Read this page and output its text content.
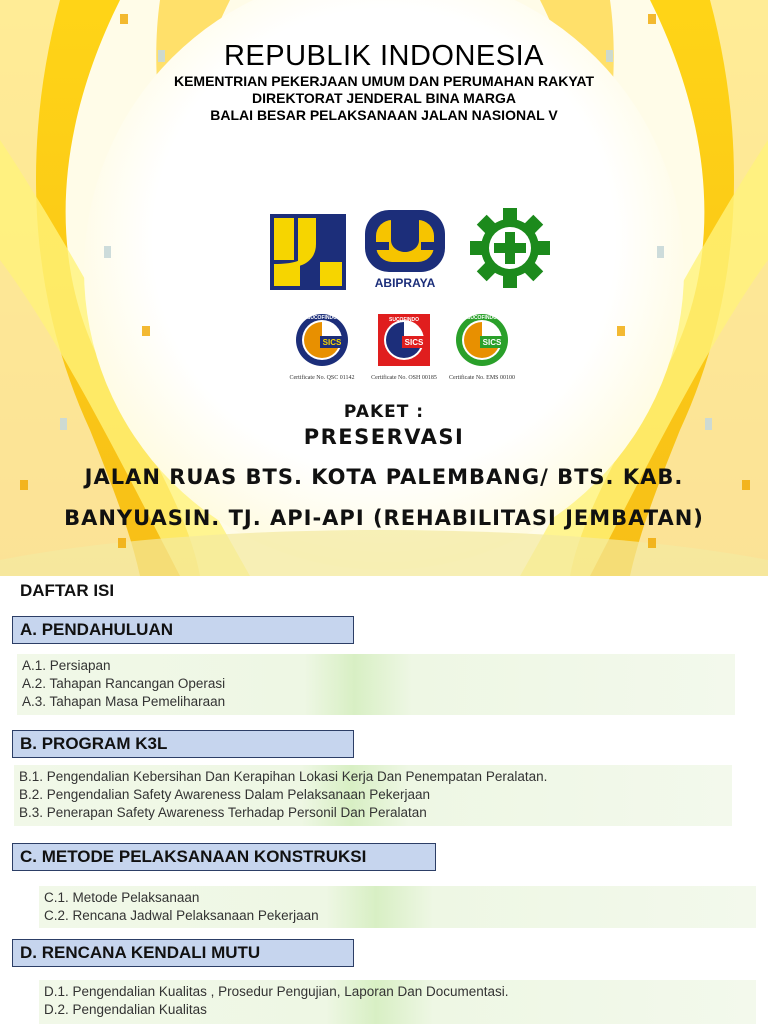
REPUBLIK INDONESIA
KEMENTRIAN PEKERJAAN UMUM DAN PERUMAHAN RAKYAT
DIREKTORAT JENDERAL BINA MARGA
BALAI BESAR PELAKSANAAN JALAN NASIONAL V
ABIPRAYA
SICS
SUCOFINDO
Certificate No. QSC 01142
SICS
SUCOFINDO
Certificate No. OSH 00185
SICS
SUCOFINDO
Certificate No. EMS 00100
PAKET :
PRESERVASI
JALAN RUAS BTS. KOTA PALEMBANG/ BTS. KAB.
BANYUASIN. TJ. API-API (REHABILITASI JEMBATAN)
DAFTAR ISI
A. PENDAHULUAN
A.1. Persiapan
A.2. Tahapan Rancangan Operasi
A.3. Tahapan Masa Pemeliharaan
B. PROGRAM K3L
B.1. Pengendalian Kebersihan Dan Kerapihan Lokasi Kerja Dan Penempatan Peralatan.
B.2. Pengendalian Safety Awareness Dalam Pelaksanaan Pekerjaan
B.3. Penerapan Safety Awareness Terhadap Personil Dan Peralatan
C. METODE PELAKSANAAN KONSTRUKSI
C.1. Metode Pelaksanaan
C.2. Rencana Jadwal Pelaksanaan Pekerjaan
D. RENCANA KENDALI MUTU
D.1. Pengendalian Kualitas , Prosedur Pengujian, Laporan Dan Documentasi.
D.2. Pengendalian Kualitas
